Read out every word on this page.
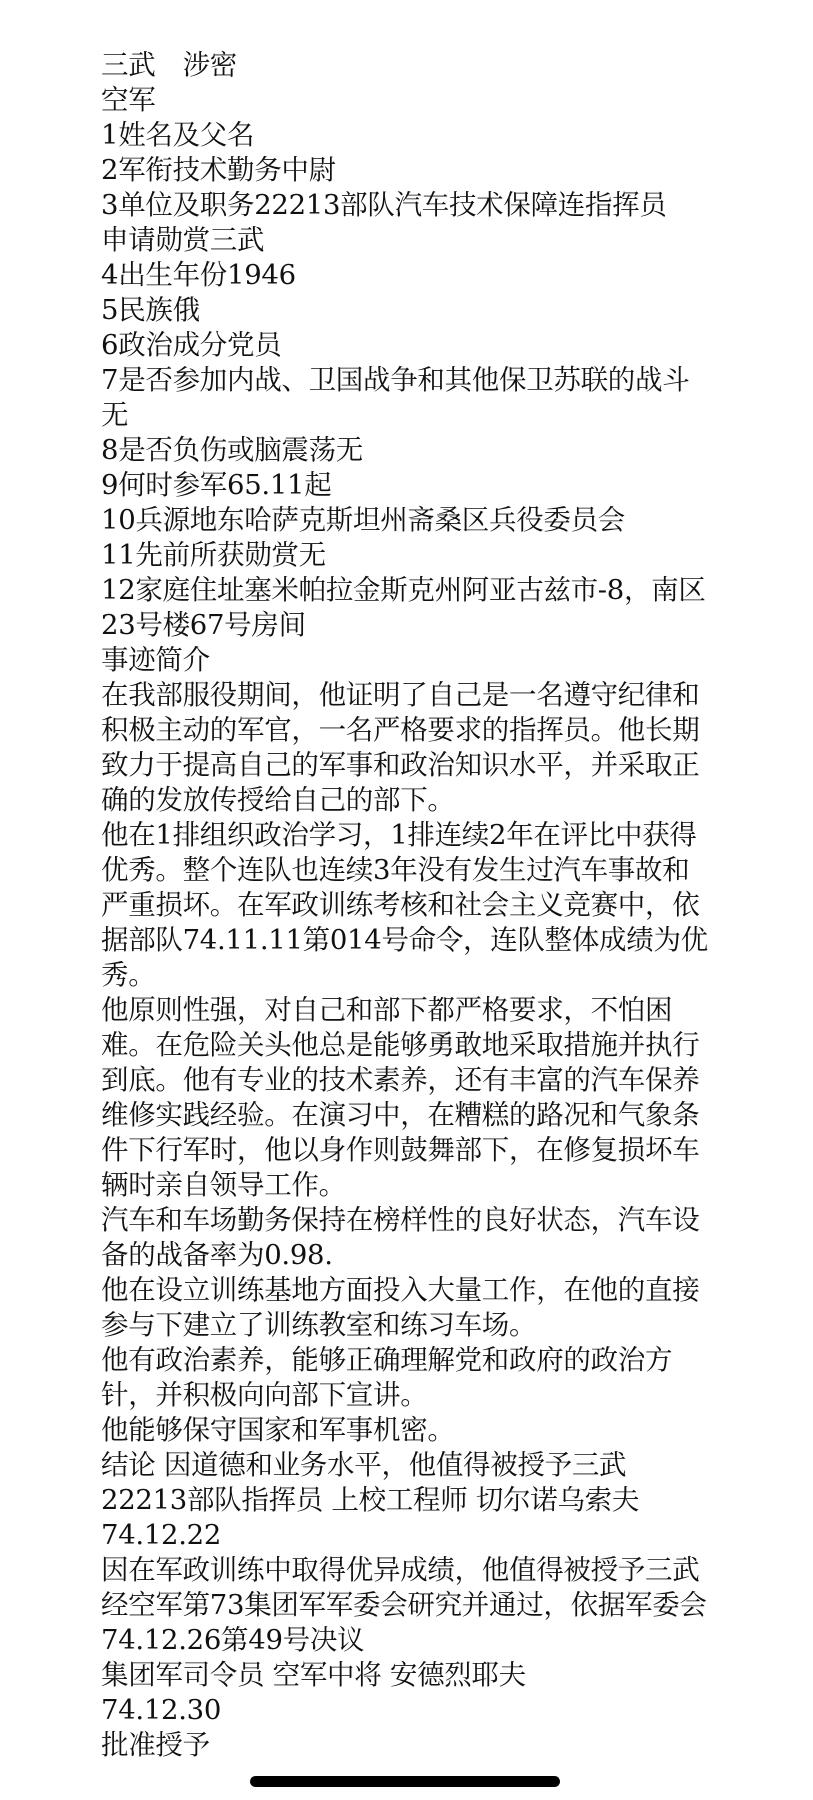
三武　涉密
空军
1姓名及父名
2军衔技术勤务中尉
3单位及职务22213部队汽车技术保障连指挥员
申请勋赏三武
4出生年份1946
5民族俄
6政治成分党员
7是否参加内战、卫国战争和其他保卫苏联的战斗无
8是否负伤或脑震荡无
9何时参军65.11起
10兵源地东哈萨克斯坦州斋桑区兵役委员会
11先前所获勋赏无
12家庭住址塞米帕拉金斯克州阿亚古兹市-8，南区23号楼67号房间
事迹简介
在我部服役期间，他证明了自己是一名遵守纪律和积极主动的军官，一名严格要求的指挥员。他长期致力于提高自己的军事和政治知识水平，并采取正确的发放传授给自己的部下。
他在1排组织政治学习，1排连续2年在评比中获得优秀。整个连队也连续3年没有发生过汽车事故和严重损坏。在军政训练考核和社会主义竞赛中，依据部队74.11.11第014号命令，连队整体成绩为优秀。
他原则性强，对自己和部下都严格要求，不怕困难。在危险关头他总是能够勇敢地采取措施并执行到底。他有专业的技术素养，还有丰富的汽车保养维修实践经验。在演习中，在糟糕的路况和气象条件下行军时，他以身作则鼓舞部下，在修复损坏车辆时亲自领导工作。
汽车和车场勤务保持在榜样性的良好状态，汽车设备的战备率为0.98.
他在设立训练基地方面投入大量工作，在他的直接参与下建立了训练教室和练习车场。
他有政治素养，能够正确理解党和政府的政治方针，并积极向向部下宣讲。
他能够保守国家和军事机密。
结论 因道德和业务水平，他值得被授予三武
22213部队指挥员 上校工程师 切尔诺乌索夫
74.12.22
因在军政训练中取得优异成绩，他值得被授予三武
经空军第73集团军军委会研究并通过，依据军委会74.12.26第49号决议
集团军司令员 空军中将 安德烈耶夫
74.12.30
批准授予
